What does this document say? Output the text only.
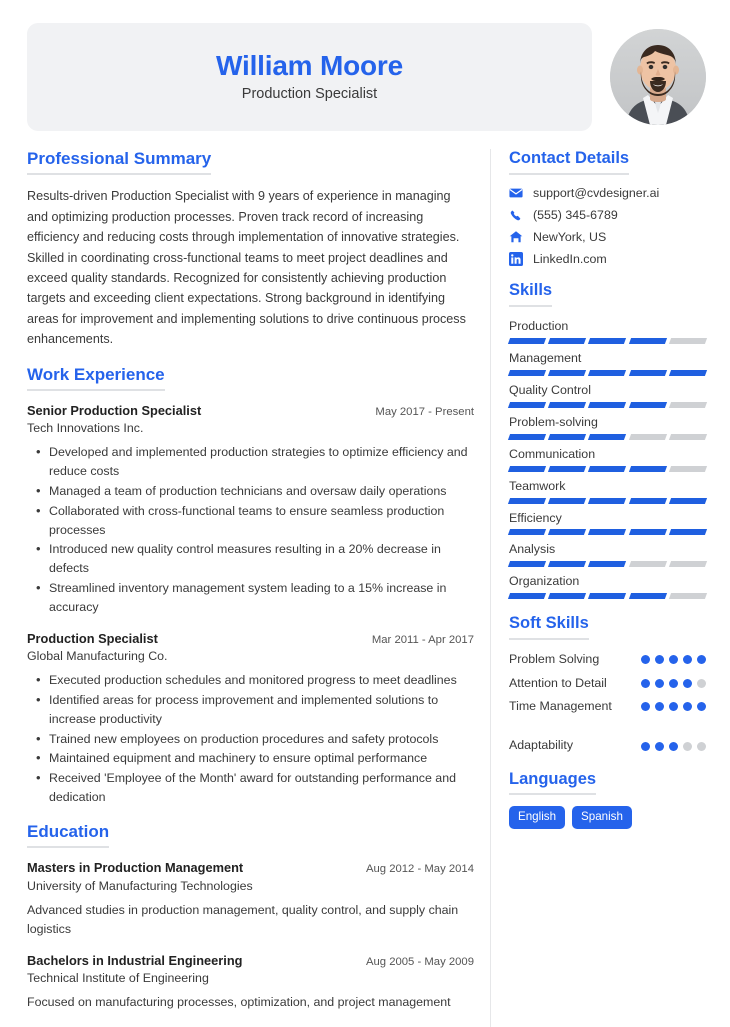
William Moore
Production Specialist
Professional Summary
Results-driven Production Specialist with 9 years of experience in managing and optimizing production processes. Proven track record of increasing efficiency and reducing costs through implementation of innovative strategies. Skilled in coordinating cross-functional teams to meet project deadlines and exceed quality standards. Recognized for consistently achieving production targets and exceeding client expectations. Strong background in identifying areas for improvement and implementing solutions to drive continuous process enhancements.
Work Experience
Senior Production Specialist	May 2017 - Present
Tech Innovations Inc.
• Developed and implemented production strategies to optimize efficiency and reduce costs
• Managed a team of production technicians and oversaw daily operations
• Collaborated with cross-functional teams to ensure seamless production processes
• Introduced new quality control measures resulting in a 20% decrease in defects
• Streamlined inventory management system leading to a 15% increase in accuracy
Production Specialist	Mar 2011 - Apr 2017
Global Manufacturing Co.
• Executed production schedules and monitored progress to meet deadlines
• Identified areas for process improvement and implemented solutions to increase productivity
• Trained new employees on production procedures and safety protocols
• Maintained equipment and machinery to ensure optimal performance
• Received 'Employee of the Month' award for outstanding performance and dedication
Education
Masters in Production Management	Aug 2012 - May 2014
University of Manufacturing Technologies
Advanced studies in production management, quality control, and supply chain logistics
Bachelors in Industrial Engineering	Aug 2005 - May 2009
Technical Institute of Engineering
Focused on manufacturing processes, optimization, and project management
Contact Details
support@cvdesigner.ai
(555) 345-6789
NewYork, US
LinkedIn.com
Skills
Production
Management
Quality Control
Problem-solving
Communication
Teamwork
Efficiency
Analysis
Organization
Soft Skills
Problem Solving
Attention to Detail
Time Management
Adaptability
Languages
English	Spanish
